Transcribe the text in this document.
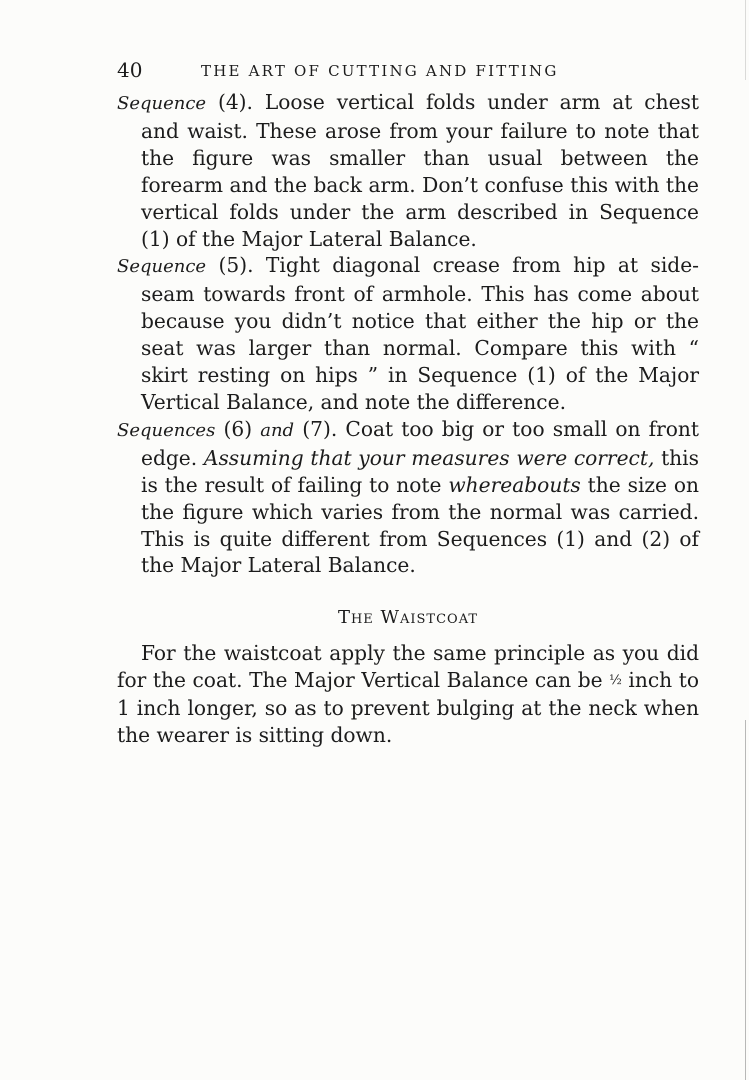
40	THE ART OF CUTTING AND FITTING

Sequence (4). Loose vertical folds under arm at chest and waist. These arose from your failure to note that the figure was smaller than usual between the forearm and the back arm. Don’t confuse this with the vertical folds under the arm described in Sequence (1) of the Major Lateral Balance.

Sequence (5). Tight diagonal crease from hip at side-seam towards front of armhole. This has come about because you didn’t notice that either the hip or the seat was larger than normal. Compare this with “ skirt resting on hips ” in Sequence (1) of the Major Vertical Balance, and note the difference.

Sequences (6) and (7). Coat too big or too small on front edge. Assuming that your measures were correct, this is the result of failing to note whereabouts the size on the figure which varies from the normal was carried. This is quite different from Sequences (1) and (2) of the Major Lateral Balance.

The Waistcoat

For the waistcoat apply the same principle as you did for the coat. The Major Vertical Balance can be ½ inch to 1 inch longer, so as to prevent bulging at the neck when the wearer is sitting down.
